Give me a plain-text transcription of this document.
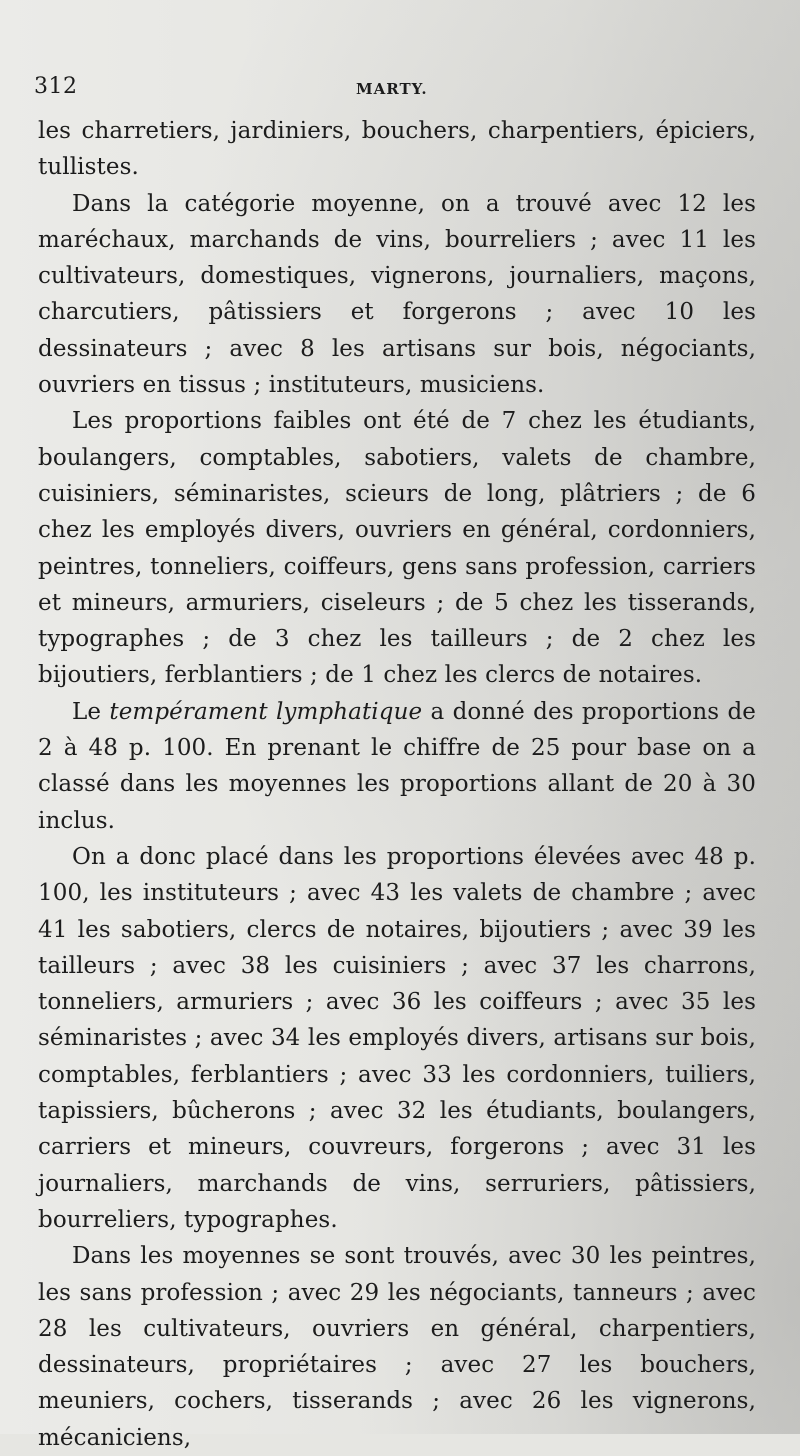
312	MARTY.

les charretiers, jardiniers, bouchers, charpentiers, épiciers, tullistes.

Dans la catégorie moyenne, on a trouvé avec 12 les maréchaux, marchands de vins, bourreliers ; avec 11 les cultivateurs, domestiques, vignerons, journaliers, maçons, charcutiers, pâtissiers et forgerons ; avec 10 les dessinateurs ; avec 8 les artisans sur bois, négociants, ouvriers en tissus ; instituteurs, musiciens.

Les proportions faibles ont été de 7 chez les étudiants, boulangers, comptables, sabotiers, valets de chambre, cuisiniers, séminaristes, scieurs de long, plâtriers ; de 6 chez les employés divers, ouvriers en général, cordonniers, peintres, tonneliers, coiffeurs, gens sans profession, carriers et mineurs, armuriers, ciseleurs ; de 5 chez les tisserands, typographes ; de 3 chez les tailleurs ; de 2 chez les bijoutiers, ferblantiers ; de 1 chez les clercs de notaires.

Le tempérament lymphatique a donné des proportions de 2 à 48 p. 100. En prenant le chiffre de 25 pour base on a classé dans les moyennes les proportions allant de 20 à 30 inclus.

On a donc placé dans les proportions élevées avec 48 p. 100, les instituteurs ; avec 43 les valets de chambre ; avec 41 les sabotiers, clercs de notaires, bijoutiers ; avec 39 les tailleurs ; avec 38 les cuisiniers ; avec 37 les charrons, tonneliers, armuriers ; avec 36 les coiffeurs ; avec 35 les séminaristes ; avec 34 les employés divers, artisans sur bois, comptables, ferblantiers ; avec 33 les cordonniers, tuiliers, tapissiers, bûcherons ; avec 32 les étudiants, boulangers, carriers et mineurs, couvreurs, forgerons ; avec 31 les journaliers, marchands de vins, serruriers, pâtissiers, bourreliers, typographes.

Dans les moyennes se sont trouvés, avec 30 les peintres, les sans profession ; avec 29 les négociants, tanneurs ; avec 28 les cultivateurs, ouvriers en général, charpentiers, dessinateurs, propriétaires ; avec 27 les bouchers, meuniers, cochers, tisserands ; avec 26 les vignerons, mécaniciens,
